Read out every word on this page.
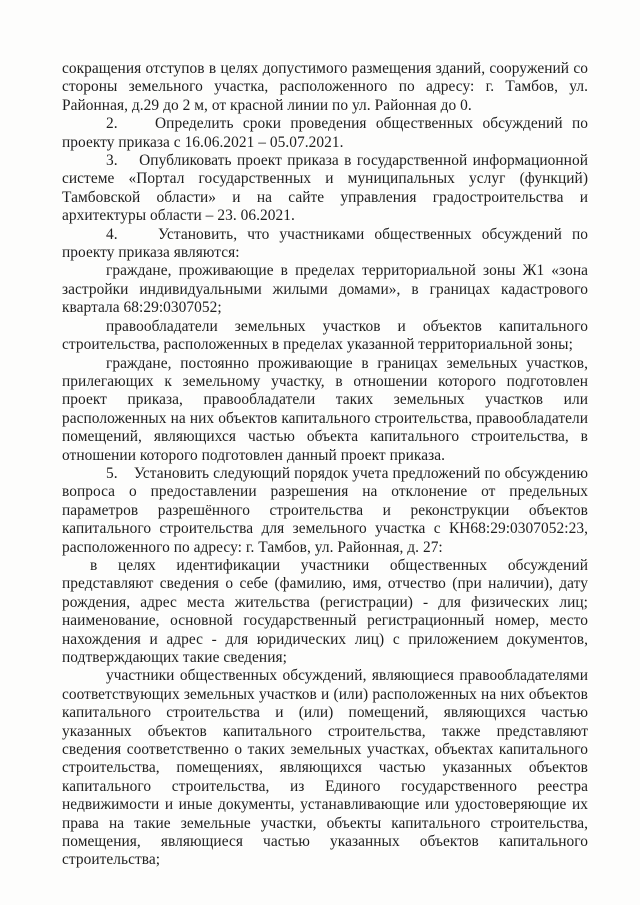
сокращения отступов в целях допустимого размещения зданий, сооружений со стороны земельного участка, расположенного по адресу: г. Тамбов, ул. Районная, д.29 до 2 м, от красной линии по ул. Районная до 0.

2.    Определить сроки проведения общественных обсуждений по проекту приказа с 16.06.2021 – 05.07.2021.

3.    Опубликовать проект приказа в государственной информационной системе «Портал государственных и муниципальных услуг (функций) Тамбовской области» и на сайте управления градостроительства и архитектуры области – 23. 06.2021.

4.    Установить, что участниками общественных обсуждений по проекту приказа являются:

граждане, проживающие в пределах территориальной зоны Ж1 «зона застройки индивидуальными жилыми домами», в границах кадастрового квартала 68:29:0307052;

правообладатели земельных участков и объектов капитального строительства, расположенных в пределах указанной территориальной зоны;

граждане, постоянно проживающие в границах земельных участков, прилегающих к земельному участку, в отношении которого подготовлен проект приказа, правообладатели таких земельных участков или расположенных на них объектов капитального строительства, правообладатели помещений, являющихся частью объекта капитального строительства, в отношении которого подготовлен данный проект приказа.

5.    Установить следующий порядок учета предложений по обсуждению вопроса о предоставлении разрешения на отклонение от предельных параметров разрешённого строительства и реконструкции объектов капитального строительства для земельного участка с КН68:29:0307052:23, расположенного по адресу: г. Тамбов, ул. Районная, д. 27:

в целях идентификации участники общественных обсуждений представляют сведения о себе (фамилию, имя, отчество (при наличии), дату рождения, адрес места жительства (регистрации) - для физических лиц; наименование, основной государственный регистрационный номер, место нахождения и адрес - для юридических лиц) с приложением документов, подтверждающих такие сведения;

участники общественных обсуждений, являющиеся правообладателями соответствующих земельных участков и (или) расположенных на них объектов капитального строительства и (или) помещений, являющихся частью указанных объектов капитального строительства, также представляют сведения соответственно о таких земельных участках, объектах капитального строительства, помещениях, являющихся частью указанных объектов капитального строительства, из Единого государственного реестра недвижимости и иные документы, устанавливающие или удостоверяющие их права на такие земельные участки, объекты капитального строительства, помещения, являющиеся частью указанных объектов капитального строительства;
